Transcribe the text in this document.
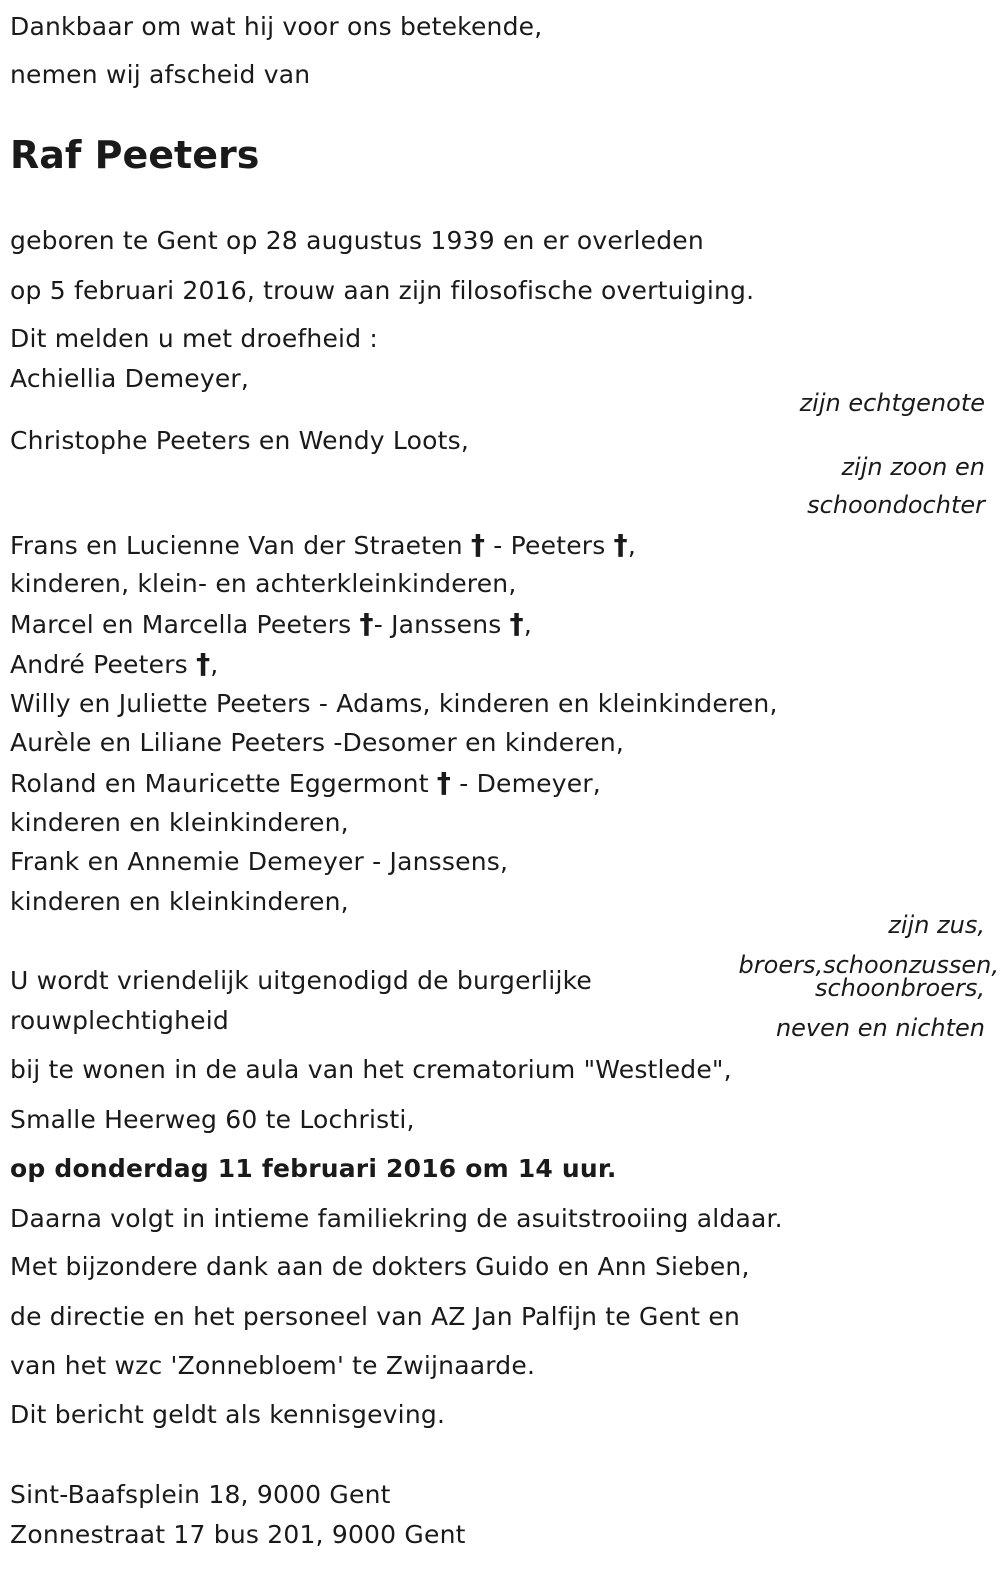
Dankbaar om wat hij voor ons betekende,
nemen wij afscheid van
Raf Peeters
geboren te Gent op 28 augustus 1939 en er overleden
op 5 februari 2016, trouw aan zijn filosofische overtuiging.
Dit melden u met droefheid :
Achiellia Demeyer,
zijn echtgenote
Christophe Peeters en Wendy Loots,
zijn zoon en
schoondochter
Frans en Lucienne Van der Straeten † - Peeters †,
kinderen, klein- en achterkleinkinderen,
Marcel en Marcella Peeters †- Janssens †,
André Peeters †,
Willy en Juliette Peeters - Adams, kinderen en kleinkinderen,
Aurèle en Liliane Peeters -Desomer en kinderen,
Roland en Mauricette Eggermont † - Demeyer,
kinderen en kleinkinderen,
Frank en Annemie Demeyer - Janssens,
kinderen en kleinkinderen,
zijn zus,
broers,schoonzussen,
schoonbroers,
neven en nichten
U wordt vriendelijk uitgenodigd de burgerlijke
rouwplechtigheid
bij te wonen in de aula van het crematorium "Westlede",
Smalle Heerweg 60 te Lochristi,
op donderdag 11 februari 2016 om 14 uur.
Daarna volgt in intieme familiekring de asuitstrooiing aldaar.
Met bijzondere dank aan de dokters Guido en Ann Sieben,
de directie en het personeel van AZ Jan Palfijn te Gent en
van het wzc 'Zonnebloem' te Zwijnaarde.
Dit bericht geldt als kennisgeving.
Sint-Baafsplein 18, 9000 Gent
Zonnestraat 17 bus 201, 9000 Gent
